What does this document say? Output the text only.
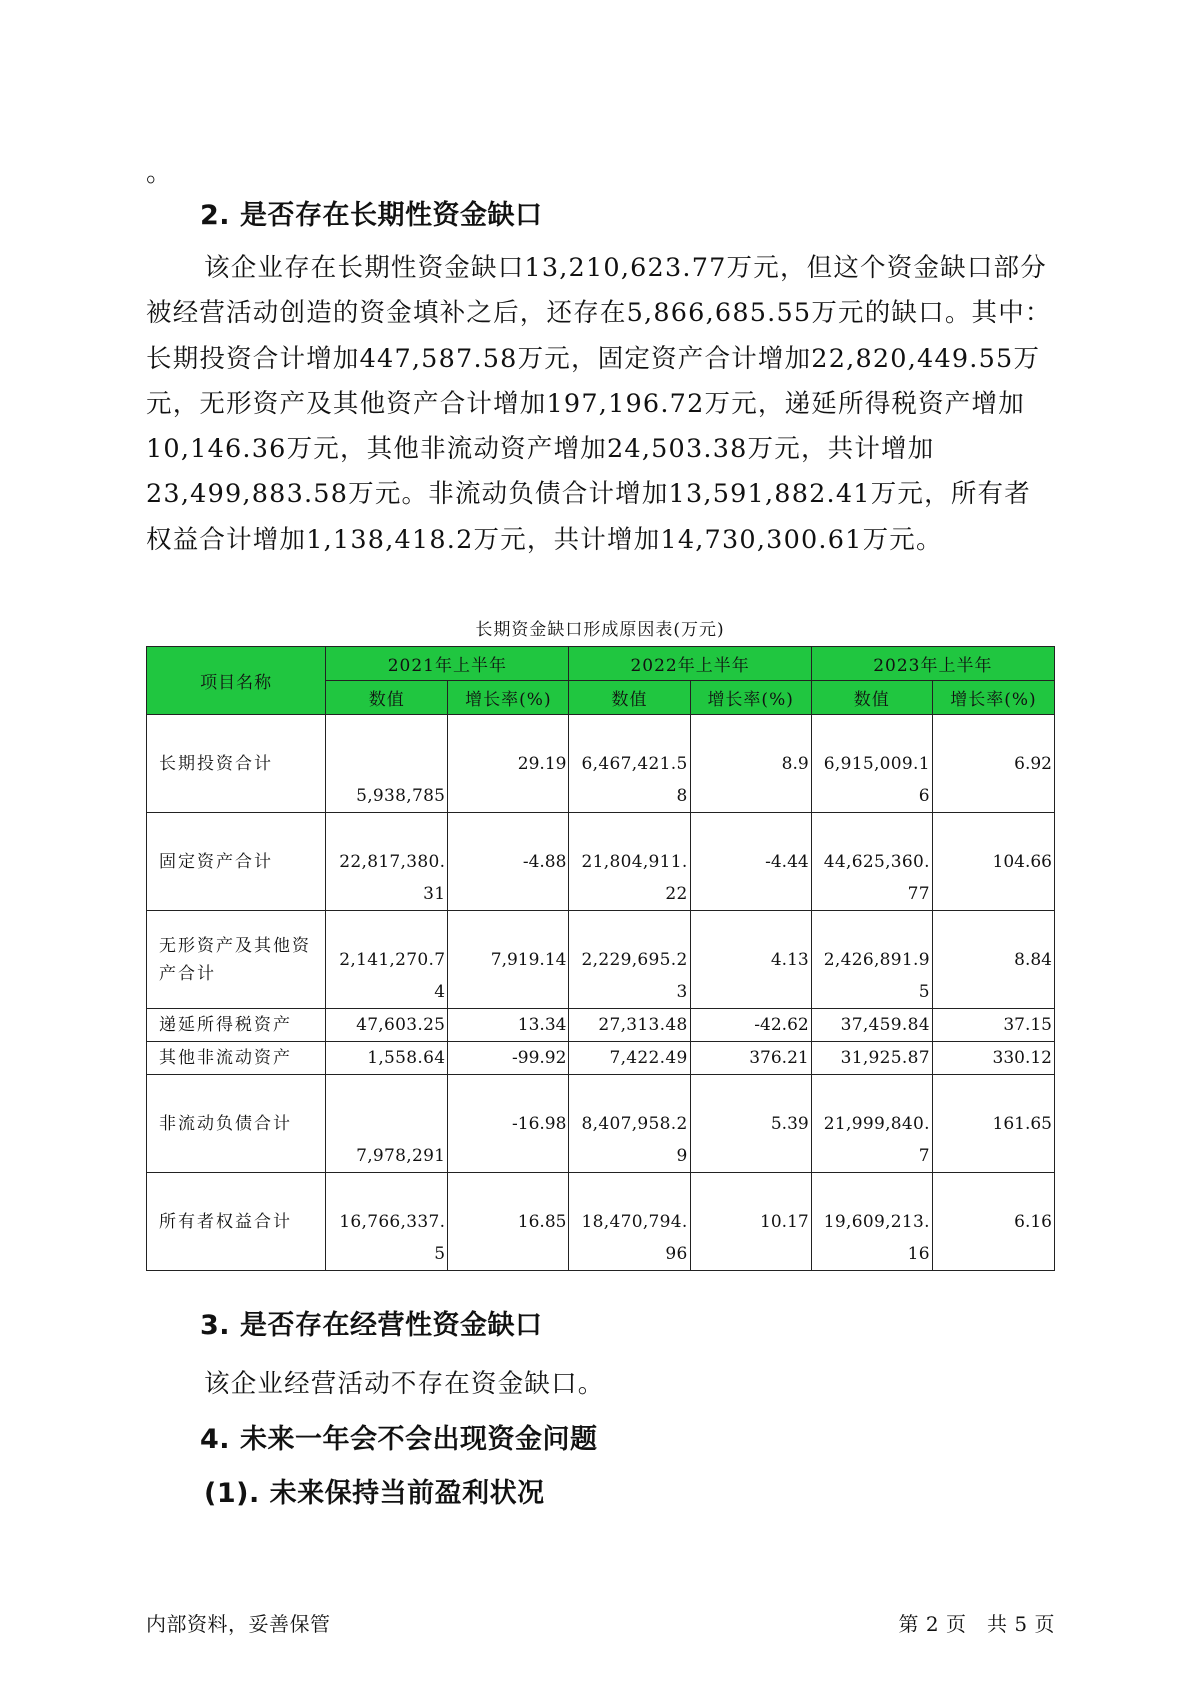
。
2. 是否存在长期性资金缺口

该企业存在长期性资金缺口13,210,623.77万元，但这个资金缺口部分被经营活动创造的资金填补之后，还存在5,866,685.55万元的缺口。其中：长期投资合计增加447,587.58万元，固定资产合计增加22,820,449.55万元，无形资产及其他资产合计增加197,196.72万元，递延所得税资产增加10,146.36万元，其他非流动资产增加24,503.38万元，共计增加23,499,883.58万元。非流动负债合计增加13,591,882.41万元，所有者权益合计增加1,138,418.2万元，共计增加14,730,300.61万元。

长期资金缺口形成原因表(万元)
项目名称	2021年上半年		2022年上半年		2023年上半年	
	数值	增长率(%)	数值	增长率(%)	数值	增长率(%)
长期投资合计	5,938,785	29.19	6,467,421.58	8.9	6,915,009.16	6.92
固定资产合计	22,817,380.31	-4.88	21,804,911.22	-4.44	44,625,360.77	104.66
无形资产及其他资产合计	2,141,270.74	7,919.14	2,229,695.23	4.13	2,426,891.95	8.84
递延所得税资产	47,603.25	13.34	27,313.48	-42.62	37,459.84	37.15
其他非流动资产	1,558.64	-99.92	7,422.49	376.21	31,925.87	330.12
非流动负债合计	7,978,291	-16.98	8,407,958.29	5.39	21,999,840.7	161.65
所有者权益合计	16,766,337.5	16.85	18,470,794.96	10.17	19,609,213.16	6.16
3. 是否存在经营性资金缺口

该企业经营活动不存在资金缺口。

4. 未来一年会不会出现资金问题
(1). 未来保持当前盈利状况
内部资料，妥善保管	第 2 页   共 5 页
